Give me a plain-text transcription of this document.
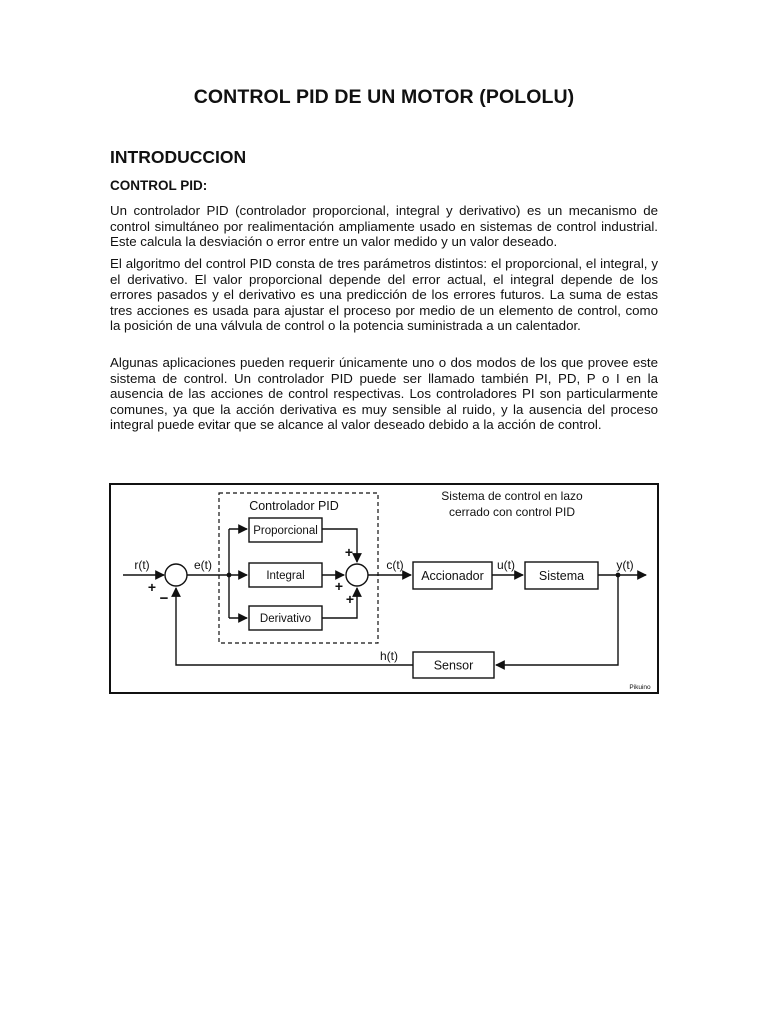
CONTROL PID DE UN MOTOR (POLOLU)
INTRODUCCION
CONTROL PID:

Un controlador PID (controlador proporcional, integral y derivativo) es un mecanismo de control simultáneo por realimentación ampliamente usado en sistemas de control industrial. Este calcula la desviación o error entre un valor medido y un valor deseado.

El algoritmo del control PID consta de tres parámetros distintos: el proporcional, el integral, y el derivativo. El valor proporcional depende del error actual, el integral depende de los errores pasados y el derivativo es una predicción de los errores futuros. La suma de estas tres acciones es usada para ajustar el proceso por medio de un elemento de control, como la posición de una válvula de control o la potencia suministrada a un calentador.

Algunas aplicaciones pueden requerir únicamente uno o dos modos de los que provee este sistema de control. Un controlador PID puede ser llamado también PI, PD, P o I en la ausencia de las acciones de control respectivas. Los controladores PI son particularmente comunes, ya que la acción derivativa es muy sensible al ruido, y la ausencia del proceso integral puede evitar que se alcance al valor deseado debido a la acción de control.

Controlador PID
Sistema de control en lazo
cerrado con control PID
r(t)
+
−
e(t)
Proporcional
Integral
Derivativo
+
+
+
c(t)
Accionador
u(t)
Sistema
y(t)
Sensor
h(t)
Pikuino
